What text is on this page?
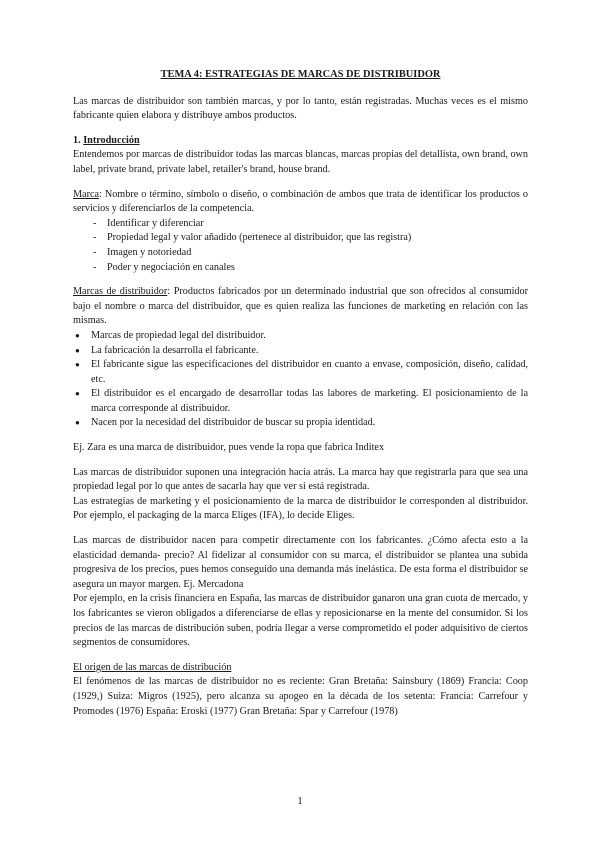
TEMA 4: ESTRATEGIAS DE MARCAS DE DISTRIBUIDOR

Las marcas de distribuidor son también marcas, y por lo tanto, están registradas. Muchas veces es el mismo fabricante quien elabora y distribuye ambos productos.

1. Introducción

Entendemos por marcas de distribuidor todas las marcas blancas, marcas propias del detallista, own brand, own label, private brand, private label, retailer's brand, house brand.

Marca: Nombre o término, símbolo o diseño, o combinación de ambos que trata de identificar los productos o servicios y diferenciarlos de la competencia.

- Identificar y diferenciar
- Propiedad legal y valor añadido (pertenece al distribuidor, que las registra)
- Imagen y notoriedad
- Poder y negociación en canales

Marcas de distribuidor: Productos fabricados por un determinado industrial que son ofrecidos al consumidor bajo el nombre o marca del distribuidor, que es quien realiza las funciones de marketing en relación con las mismas.

● Marcas de propiedad legal del distribuidor.
● La fabricación la desarrolla el fabricante.
● El fabricante sigue las especificaciones del distribuidor en cuanto a envase, composición, diseño, calidad, etc.
● El distribuidor es el encargado de desarrollar todas las labores de marketing. El posicionamiento de la marca corresponde al distribuidor.
● Nacen por la necesidad del distribuidor de buscar su propia identidad.

Ej. Zara es una marca de distribuidor, pues vende la ropa que fabrica Inditex

Las marcas de distribuidor suponen una integración hacia atrás. La marca hay que registrarla para que sea una propiedad legal por lo que antes de sacarla hay que ver si está registrada.

Las estrategias de marketing y el posicionamiento de la marca de distribuidor le corresponden al distribuidor. Por ejemplo, el packaging de la marca Eliges (IFA), lo decide Eliges.

Las marcas de distribuidor nacen para competir directamente con los fabricantes. ¿Cómo afecta esto a la elasticidad demanda- precio? Al fidelizar al consumidor con su marca, el distribuidor se plantea una subida progresiva de los precios, pues hemos conseguido una demanda más inelástica. De esta forma el distribuidor se asegura un mayor margen. Ej. Mercadona

Por ejemplo, en la crisis financiera en España, las marcas de distribuidor ganaron una gran cuota de mercado, y los fabricantes se vieron obligados a diferenciarse de ellas y reposicionarse en la mente del consumidor. Si los precios de las marcas de distribución suben, podría llegar a verse comprometido el poder adquisitivo de ciertos segmentos de consumidores.

El origen de las marcas de distribución

El fenómenos de las marcas de distribuidor no es reciente: Gran Bretaña: Sainsbury (1869) Francia: Coop (1929,) Suiza: Migros (1925), pero alcanza su apogeo en la década de los setenta: Francia: Carrefour y Promodes (1976) España: Eroski (1977) Gran Bretaña: Spar y Carrefour (1978)

1
